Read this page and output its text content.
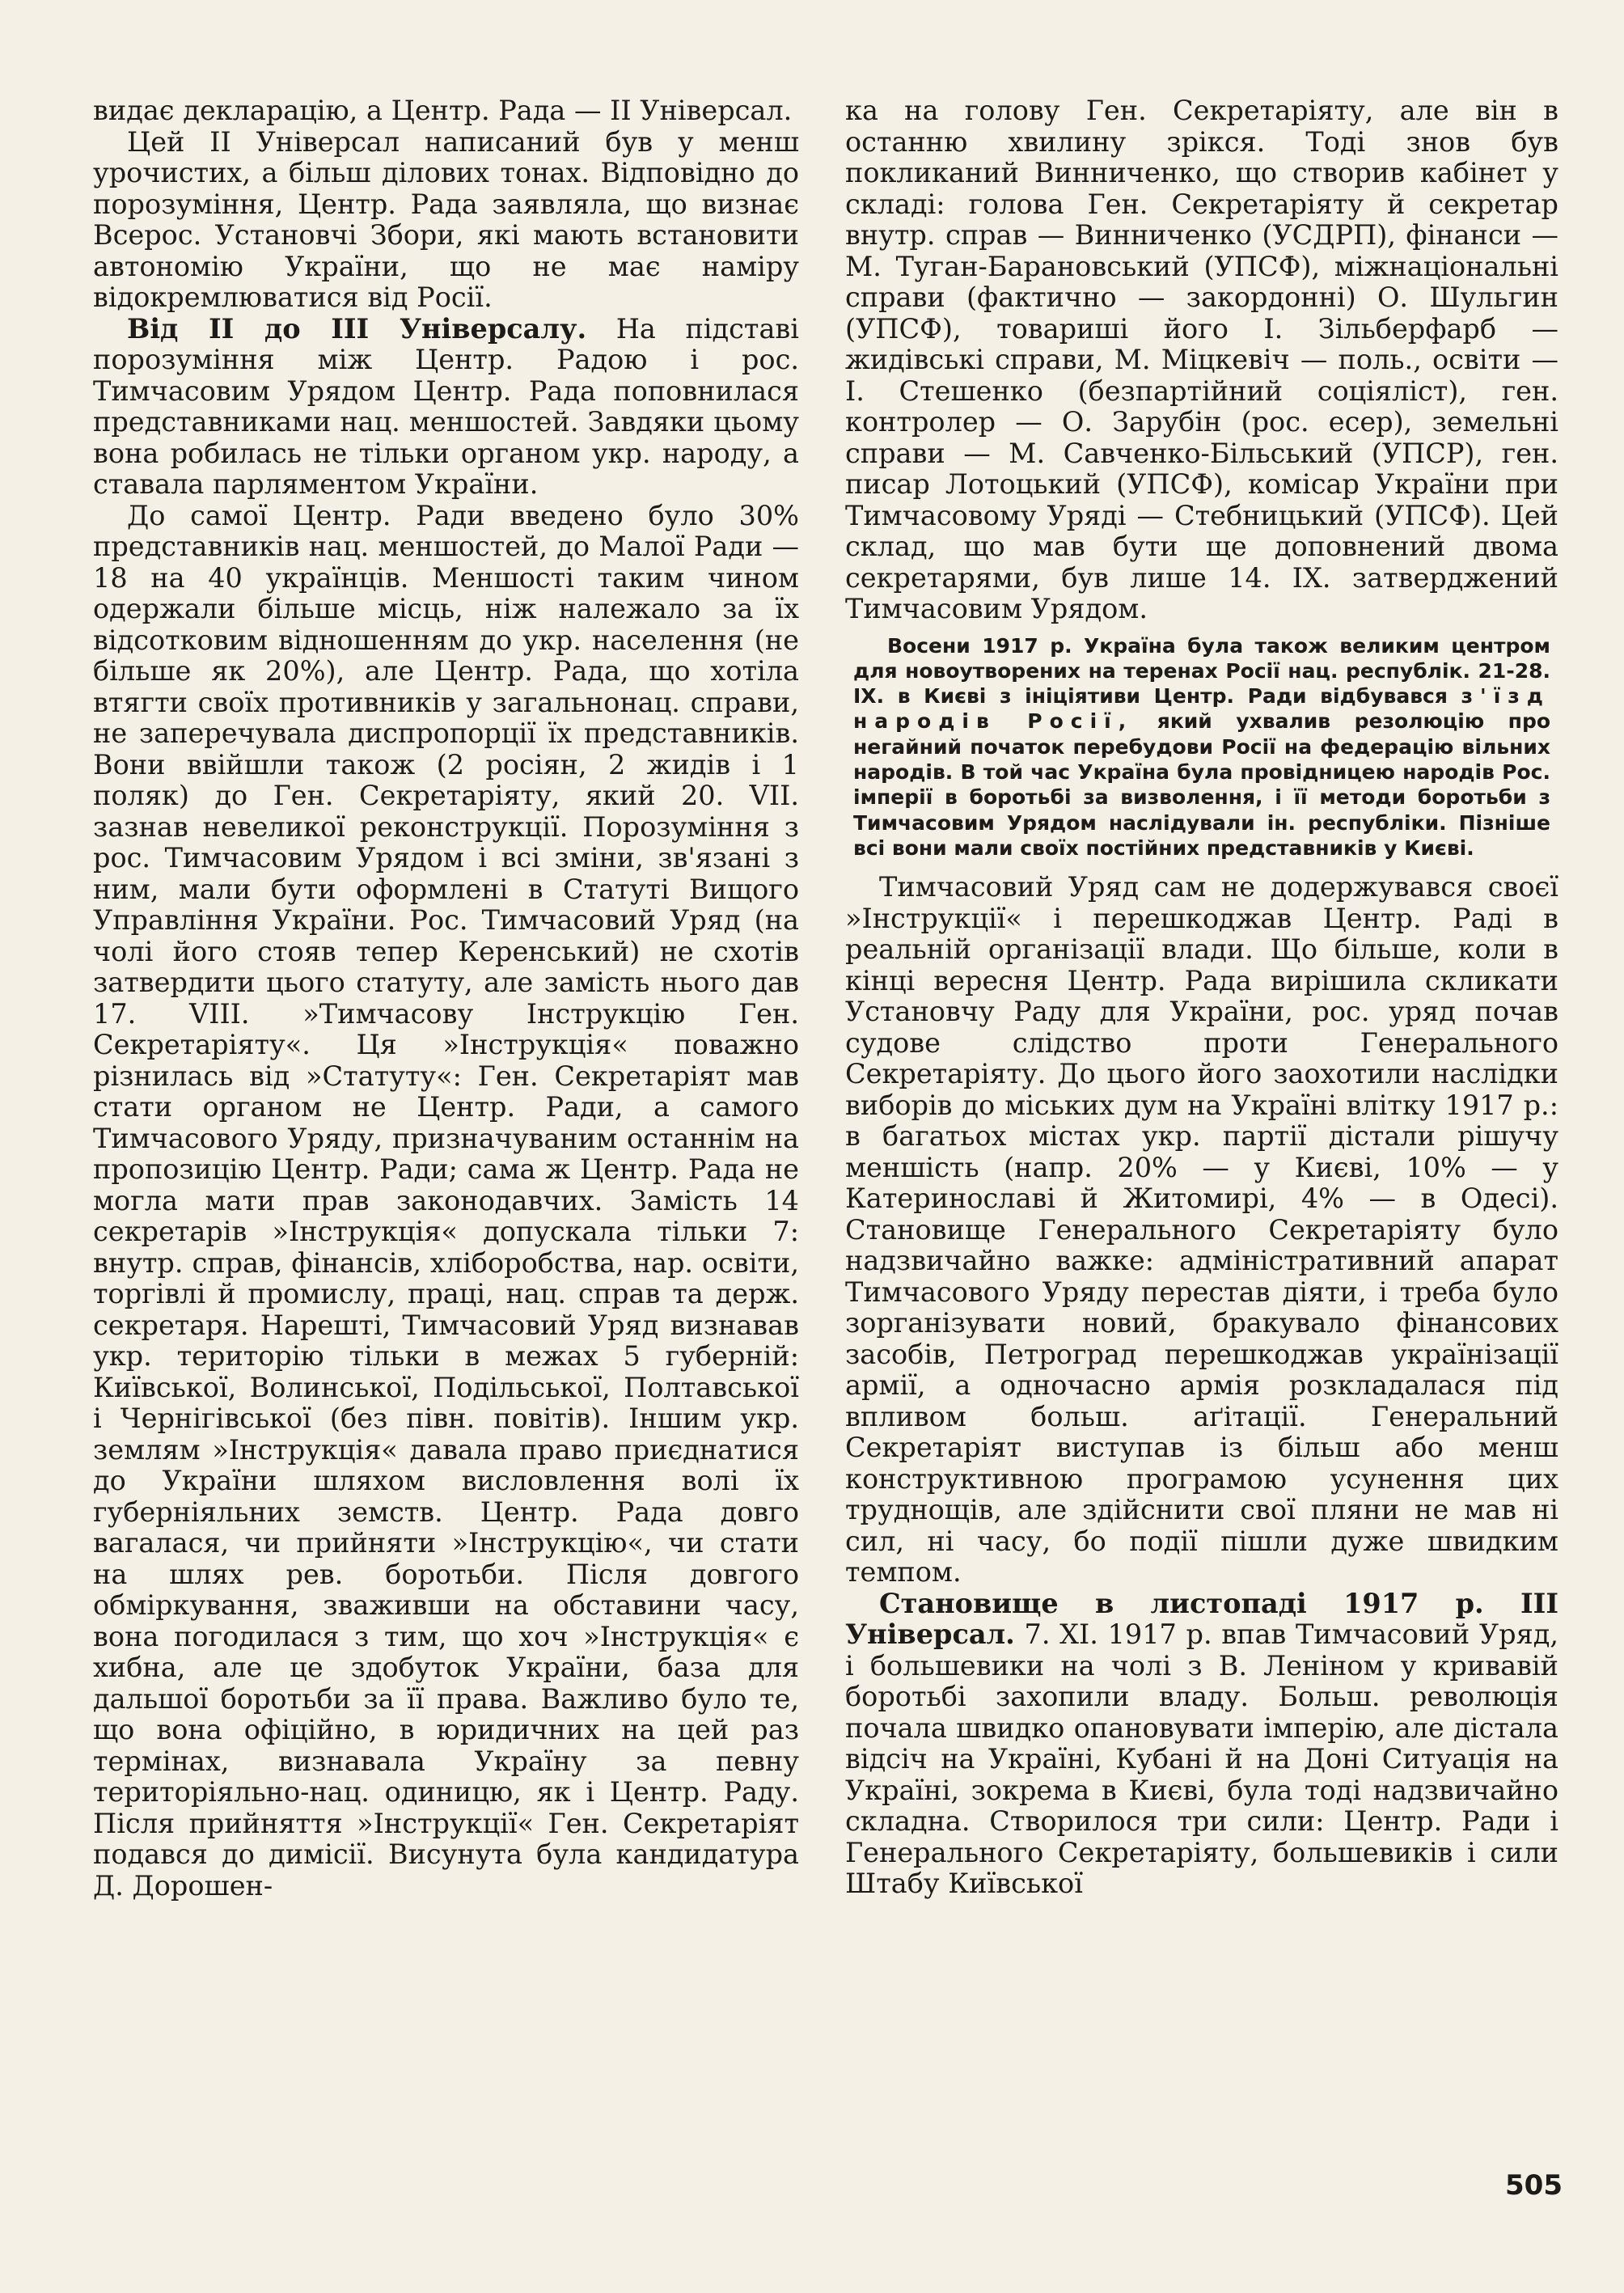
видає декларацію, а Центр. Рада — ІІ Універсал.

Цей ІІ Універсал написаний був у менш урочистих, а більш ділових тонах. Відповідно до порозуміння, Центр. Рада заявляла, що визнає Всерос. Установчі Збори, які мають встановити автономію України, що не має наміру відокремлюватися від Росії.

Від ІІ до ІІІ Універсалу. На підставі порозуміння між Центр. Радою і рос. Тимчасовим Урядом Центр. Рада поповнилася представниками нац. меншостей. Завдяки цьому вона робилась не тільки органом укр. народу, а ставала парляментом України.

До самої Центр. Ради введено було 30% представників нац. меншостей, до Малої Ради — 18 на 40 українців. Меншості таким чином одержали більше місць, ніж належало за їх відсотковим відношенням до укр. населення (не більше як 20%), але Центр. Рада, що хотіла втягти своїх противників у загальнонац. справи, не заперечувала диспропорції їх представників. Вони ввійшли також (2 росіян, 2 жидів і 1 поляк) до Ген. Секретаріяту, який 20. VII. зазнав невеликої реконструкції. Порозуміння з рос. Тимчасовим Урядом і всі зміни, зв'язані з ним, мали бути оформлені в Статуті Вищого Управління України. Рос. Тимчасовий Уряд (на чолі його стояв тепер Керенський) не схотів затвердити цього статуту, але замість нього дав 17. VIII. »Тимчасову Інструкцію Ген. Секретаріяту«. Ця »Інструкція« поважно різнилась від »Статуту«: Ген. Секретаріят мав стати органом не Центр. Ради, а самого Тимчасового Уряду, призначуваним останнім на пропозицію Центр. Ради; сама ж Центр. Рада не могла мати прав законодавчих. Замість 14 секретарів »Інструкція« допускала тільки 7: внутр. справ, фінансів, хліборобства, нар. освіти, торгівлі й промислу, праці, нац. справ та держ. секретаря. Нарешті, Тимчасовий Уряд визнавав укр. територію тільки в межах 5 губерній: Київської, Волинської, Подільської, Полтавської і Чернігівської (без півн. повітів). Іншим укр. землям »Інструкція« давала право приєднатися до України шляхом висловлення волі їх губерніяльних земств. Центр. Рада довго вагалася, чи прийняти »Інструкцію«, чи стати на шлях рев. боротьби. Після довгого обміркування, зваживши на обставини часу, вона погодилася з тим, що хоч »Інструкція« є хибна, але це здобуток України, база для дальшої боротьби за її права. Важливо було те, що вона офіційно, в юридичних на цей раз термінах, визнавала Україну за певну територіяльно-нац. одиницю, як і Центр. Раду. Після прийняття »Інструкції« Ген. Секретаріят подався до димісії. Висунута була кандидатура Д. Дорошен-

ка на голову Ген. Секретаріяту, але він в останню хвилину зрікся. Тоді знов був покликаний Винниченко, що створив кабінет у складі: голова Ген. Секретаріяту й секретар внутр. справ — Винниченко (УСДРП), фінанси — М. Туган-Барановський (УПСФ), міжнаціональні справи (фактично — закордонні) О. Шульгин (УПСФ), товариші його І. Зільберфарб — жидівські справи, М. Міцкевіч — поль., освіти — І. Стешенко (безпартійний соціяліст), ген. контролер — О. Зарубін (рос. есер), земельні справи — М. Савченко-Більський (УПСР), ген. писар Лотоцький (УПСФ), комісар України при Тимчасовому Уряді — Стебницький (УПСФ). Цей склад, що мав бути ще доповнений двома секретарями, був лише 14. IX. затверджений Тимчасовим Урядом.

Восени 1917 р. Україна була також великим центром для новоутворених на теренах Росії нац. республік. 21-28. IX. в Києві з ініціятиви Центр. Ради відбувався з'їзд народів Росії, який ухвалив резолюцію про негайний початок перебудови Росії на федерацію вільних народів. В той час Україна була провідницею народів Рос. імперії в боротьбі за визволення, і її методи боротьби з Тимчасовим Урядом наслідували ін. республіки. Пізніше всі вони мали своїх постійних представників у Києві.

Тимчасовий Уряд сам не додержувався своєї »Інструкції« і перешкоджав Центр. Раді в реальній організації влади. Що більше, коли в кінці вересня Центр. Рада вирішила скликати Установчу Раду для України, рос. уряд почав судове слідство проти Генерального Секретаріяту. До цього його заохотили наслідки виборів до міських дум на Україні влітку 1917 р.: в багатьох містах укр. партії дістали рішучу меншість (напр. 20% — у Києві, 10% — у Катеринославі й Житомирі, 4% — в Одесі). Становище Генерального Секретаріяту було надзвичайно важке: адміністративний апарат Тимчасового Уряду перестав діяти, і треба було зорганізувати новий, бракувало фінансових засобів, Петроград перешкоджав українізації армії, а одночасно армія розкладалася під впливом больш. аґітації. Генеральний Секретаріят виступав із більш або менш конструктивною програмою усунення цих труднощів, але здійснити свої пляни не мав ні сил, ні часу, бо події пішли дуже швидким темпом.

Становище в листопаді 1917 р. ІІІ Універсал. 7. XI. 1917 р. впав Тимчасовий Уряд, і большевики на чолі з В. Леніном у кривавій боротьбі захопили владу. Больш. революція почала швидко опановувати імперію, але дістала відсіч на Україні, Кубані й на Доні Ситуація на Україні, зокрема в Києві, була тоді надзвичайно складна. Створилося три сили: Центр. Ради і Генерального Секретаріяту, большевиків і сили Штабу Київської

505
